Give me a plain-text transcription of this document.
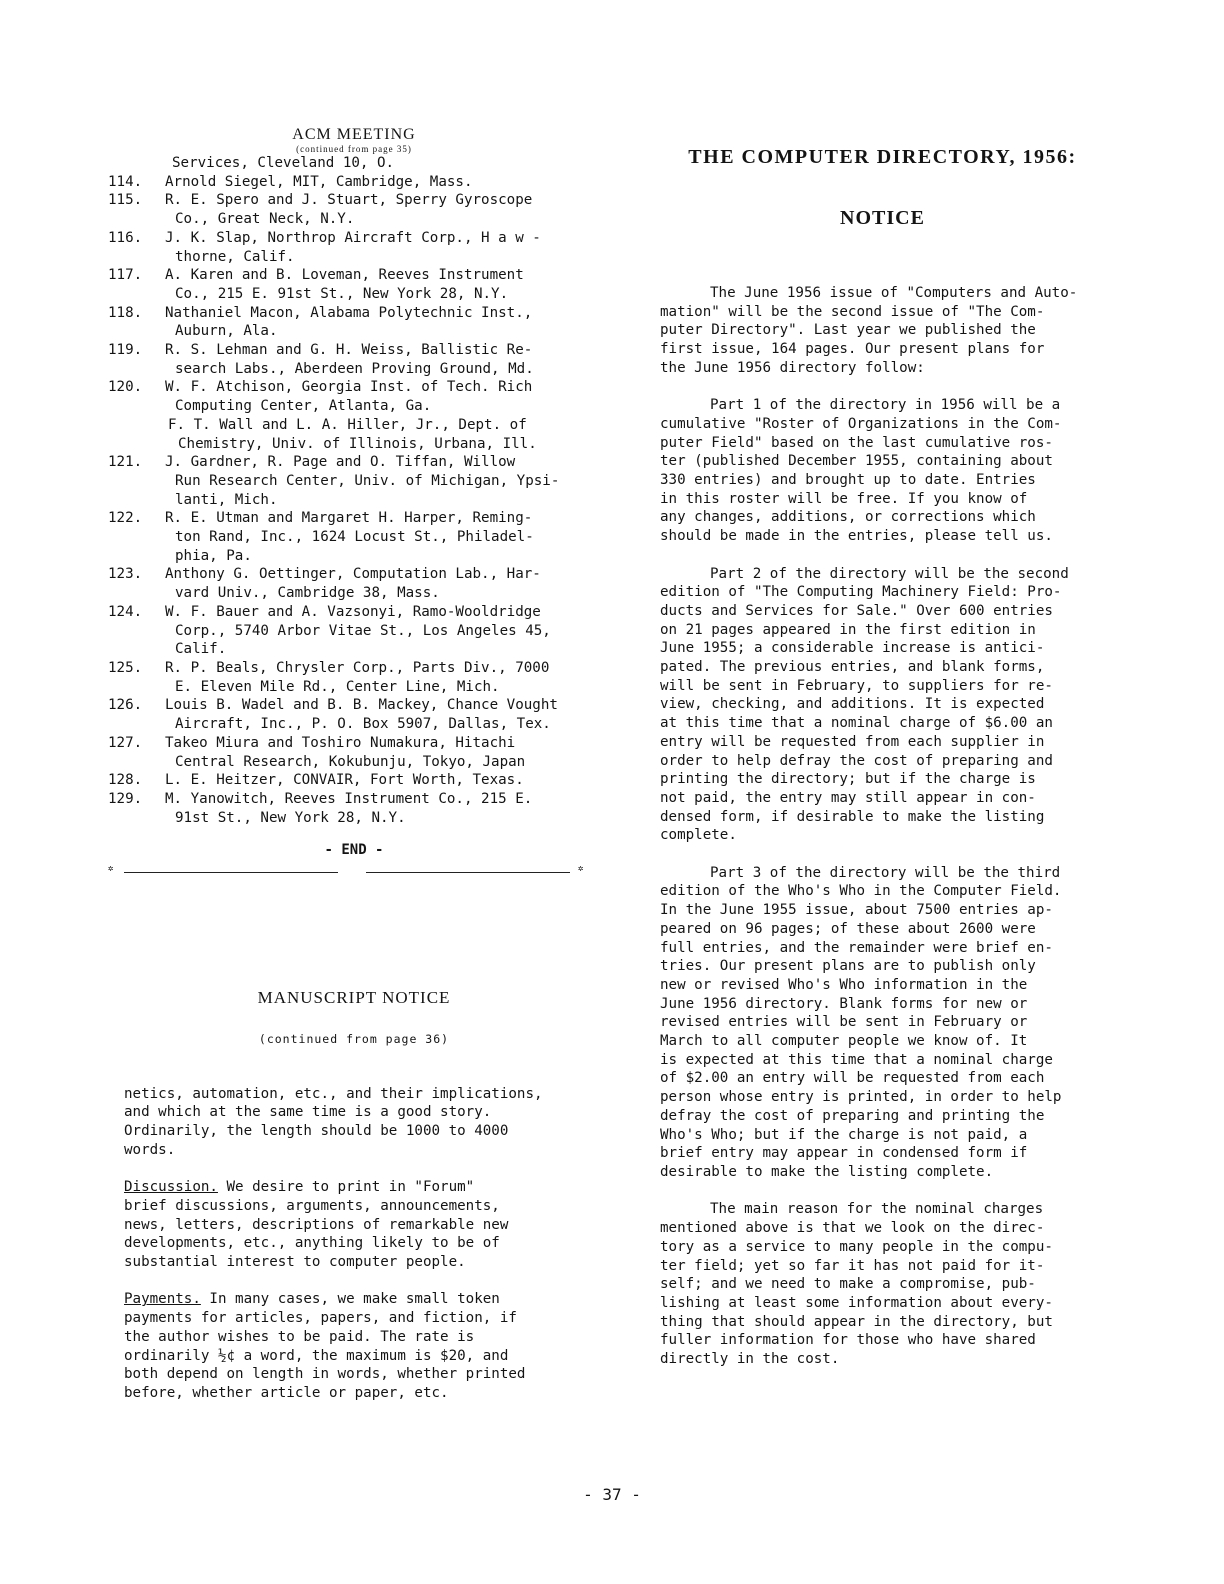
ACM MEETING
(continued from page 35)
Services, Cleveland 10, O.
114.	Arnold Siegel, MIT, Cambridge, Mass.
115.	R. E. Spero and J. Stuart, Sperry Gyroscope
Co., Great Neck, N.Y.
116.	J. K. Slap, Northrop Aircraft Corp., H a w -
thorne, Calif.
117.	A. Karen and B. Loveman, Reeves Instrument
Co., 215 E. 91st St., New York 28, N.Y.
118.	Nathaniel Macon, Alabama Polytechnic Inst.,
Auburn, Ala.
119.	R. S. Lehman and G. H. Weiss, Ballistic Re-
search Labs., Aberdeen Proving Ground, Md.
120.	W. F. Atchison, Georgia Inst. of Tech. Rich
Computing Center, Atlanta, Ga.
F. T. Wall and L. A. Hiller, Jr., Dept. of
Chemistry, Univ. of Illinois, Urbana, Ill.
121.	J. Gardner, R. Page and O. Tiffan, Willow
Run Research Center, Univ. of Michigan, Ypsi-
lanti, Mich.
122.	R. E. Utman and Margaret H. Harper, Reming-
ton Rand, Inc., 1624 Locust St., Philadel-
phia, Pa.
123.	Anthony G. Oettinger, Computation Lab., Har-
vard Univ., Cambridge 38, Mass.
124.	W. F. Bauer and A. Vazsonyi, Ramo-Wooldridge
Corp., 5740 Arbor Vitae St., Los Angeles 45,
Calif.
125.	R. P. Beals, Chrysler Corp., Parts Div., 7000
E. Eleven Mile Rd., Center Line, Mich.
126.	Louis B. Wadel and B. B. Mackey, Chance Vought
Aircraft, Inc., P. O. Box 5907, Dallas, Tex.
127.	Takeo Miura and Toshiro Numakura, Hitachi
Central Research, Kokubunju, Tokyo, Japan
128.	L. E. Heitzer, CONVAIR, Fort Worth, Texas.
129.	M. Yanowitch, Reeves Instrument Co., 215 E.
91st St., New York 28, N.Y.
- END -
✲	✲
MANUSCRIPT NOTICE
(continued from page 36)

netics, automation, etc., and their implications,
and which at the same time is a good story.
Ordinarily, the length should be 1000 to 4000
words.

Discussion. We desire to print in "Forum"
brief discussions, arguments, announcements,
news, letters, descriptions of remarkable new
developments, etc., anything likely to be of
substantial interest to computer people.

Payments. In many cases, we make small token
payments for articles, papers, and fiction, if
the author wishes to be paid. The rate is
ordinarily ½¢ a word, the maximum is $20, and
both depend on length in words, whether printed
before, whether article or paper, etc.

THE COMPUTER DIRECTORY, 1956:
NOTICE

The June 1956 issue of "Computers and Auto-
mation" will be the second issue of "The Com-
puter Directory". Last year we published the
first issue, 164 pages. Our present plans for
the June 1956 directory follow:

Part 1 of the directory in 1956 will be a
cumulative "Roster of Organizations in the Com-
puter Field" based on the last cumulative ros-
ter (published December 1955, containing about
330 entries) and brought up to date. Entries
in this roster will be free. If you know of
any changes, additions, or corrections which
should be made in the entries, please tell us.

Part 2 of the directory will be the second
edition of "The Computing Machinery Field: Pro-
ducts and Services for Sale." Over 600 entries
on 21 pages appeared in the first edition in
June 1955; a considerable increase is antici-
pated. The previous entries, and blank forms,
will be sent in February, to suppliers for re-
view, checking, and additions. It is expected
at this time that a nominal charge of $6.00 an
entry will be requested from each supplier in
order to help defray the cost of preparing and
printing the directory; but if the charge is
not paid, the entry may still appear in con-
densed form, if desirable to make the listing
complete.

Part 3 of the directory will be the third
edition of the Who's Who in the Computer Field.
In the June 1955 issue, about 7500 entries ap-
peared on 96 pages; of these about 2600 were
full entries, and the remainder were brief en-
tries. Our present plans are to publish only
new or revised Who's Who information in the
June 1956 directory. Blank forms for new or
revised entries will be sent in February or
March to all computer people we know of. It
is expected at this time that a nominal charge
of $2.00 an entry will be requested from each
person whose entry is printed, in order to help
defray the cost of preparing and printing the
Who's Who; but if the charge is not paid, a
brief entry may appear in condensed form if
desirable to make the listing complete.

The main reason for the nominal charges
mentioned above is that we look on the direc-
tory as a service to many people in the compu-
ter field; yet so far it has not paid for it-
self; and we need to make a compromise, pub-
lishing at least some information about every-
thing that should appear in the directory, but
fuller information for those who have shared
directly in the cost.

- 37 -
